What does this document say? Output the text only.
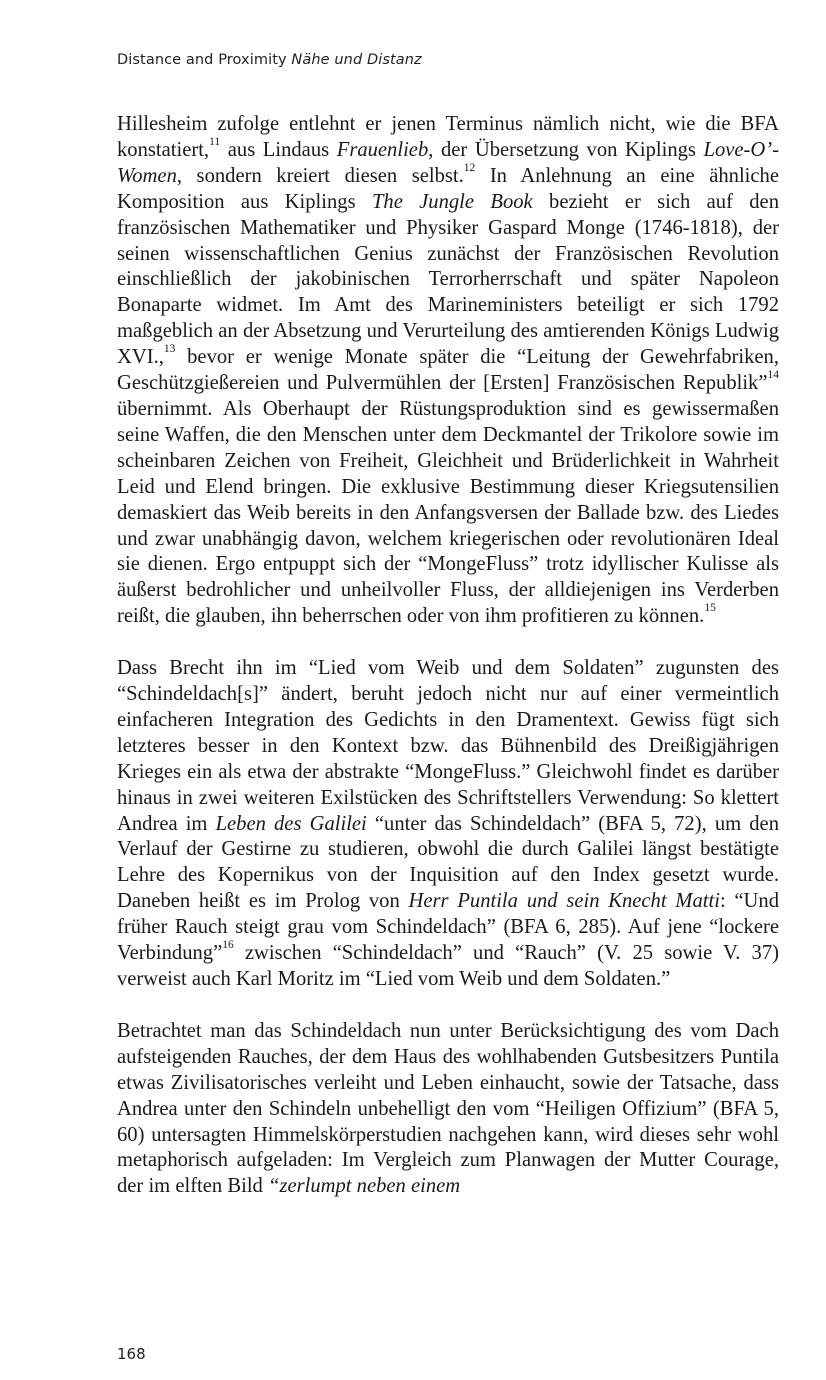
Distance and Proximity Nähe und Distanz

Hillesheim zufolge entlehnt er jenen Terminus nämlich nicht, wie die BFA konstatiert,$^{11}$ aus Lindaus Frauenlieb, der Übersetzung von Kiplings Love-O’-Women, sondern kreiert diesen selbst.$^{12}$ In Anlehnung an eine ähnliche Komposition aus Kiplings The Jungle Book bezieht er sich auf den französischen Mathematiker und Physiker Gaspard Monge (1746-1818), der seinen wissenschaftlichen Genius zunächst der Französischen Revolution einschließlich der jakobinischen Terrorherrschaft und später Napoleon Bonaparte widmet. Im Amt des Marineministers beteiligt er sich 1792 maßgeblich an der Absetzung und Verurteilung des amtierenden Königs Ludwig XVI.,$^{13}$ bevor er wenige Monate später die “Leitung der Gewehrfabriken, Geschützgießereien und Pulvermühlen der [Ersten] Französischen Republik”$^{14}$ übernimmt. Als Oberhaupt der Rüstungsproduktion sind es gewissermaßen seine Waffen, die den Menschen unter dem Deckmantel der Trikolore sowie im scheinbaren Zeichen von Freiheit, Gleichheit und Brüderlichkeit in Wahrheit Leid und Elend bringen. Die exklusive Bestimmung dieser Kriegsutensilien demaskiert das Weib bereits in den Anfangsversen der Ballade bzw. des Liedes und zwar unabhängig davon, welchem kriegerischen oder revolutionären Ideal sie dienen. Ergo entpuppt sich der “MongeFluss” trotz idyllischer Kulisse als äußerst bedrohlicher und unheilvoller Fluss, der alldiejenigen ins Verderben reißt, die glauben, ihn beherrschen oder von ihm profitieren zu können.$^{15}$

Dass Brecht ihn im “Lied vom Weib und dem Soldaten” zugunsten des “Schindeldach[s]” ändert, beruht jedoch nicht nur auf einer vermeintlich einfacheren Integration des Gedichts in den Dramentext. Gewiss fügt sich letzteres besser in den Kontext bzw. das Bühnenbild des Dreißigjährigen Krieges ein als etwa der abstrakte “MongeFluss.” Gleichwohl findet es darüber hinaus in zwei weiteren Exilstücken des Schriftstellers Verwendung: So klettert Andrea im Leben des Galilei “unter das Schindeldach” (BFA 5, 72), um den Verlauf der Gestirne zu studieren, obwohl die durch Galilei längst bestätigte Lehre des Kopernikus von der Inquisition auf den Index gesetzt wurde. Daneben heißt es im Prolog von Herr Puntila und sein Knecht Matti: “Und früher Rauch steigt grau vom Schindeldach” (BFA 6, 285). Auf jene “lockere Verbindung”$^{16}$ zwischen “Schindeldach” und “Rauch” (V. 25 sowie V. 37) verweist auch Karl Moritz im “Lied vom Weib und dem Soldaten.”

Betrachtet man das Schindeldach nun unter Berücksichtigung des vom Dach aufsteigenden Rauches, der dem Haus des wohlhabenden Gutsbesitzers Puntila etwas Zivilisatorisches verleiht und Leben einhaucht, sowie der Tatsache, dass Andrea unter den Schindeln unbehelligt den vom “Heiligen Offizium” (BFA 5, 60) untersagten Himmelskörperstudien nachgehen kann, wird dieses sehr wohl metaphorisch aufgeladen: Im Vergleich zum Planwagen der Mutter Courage, der im elften Bild “zerlumpt neben einem

168
